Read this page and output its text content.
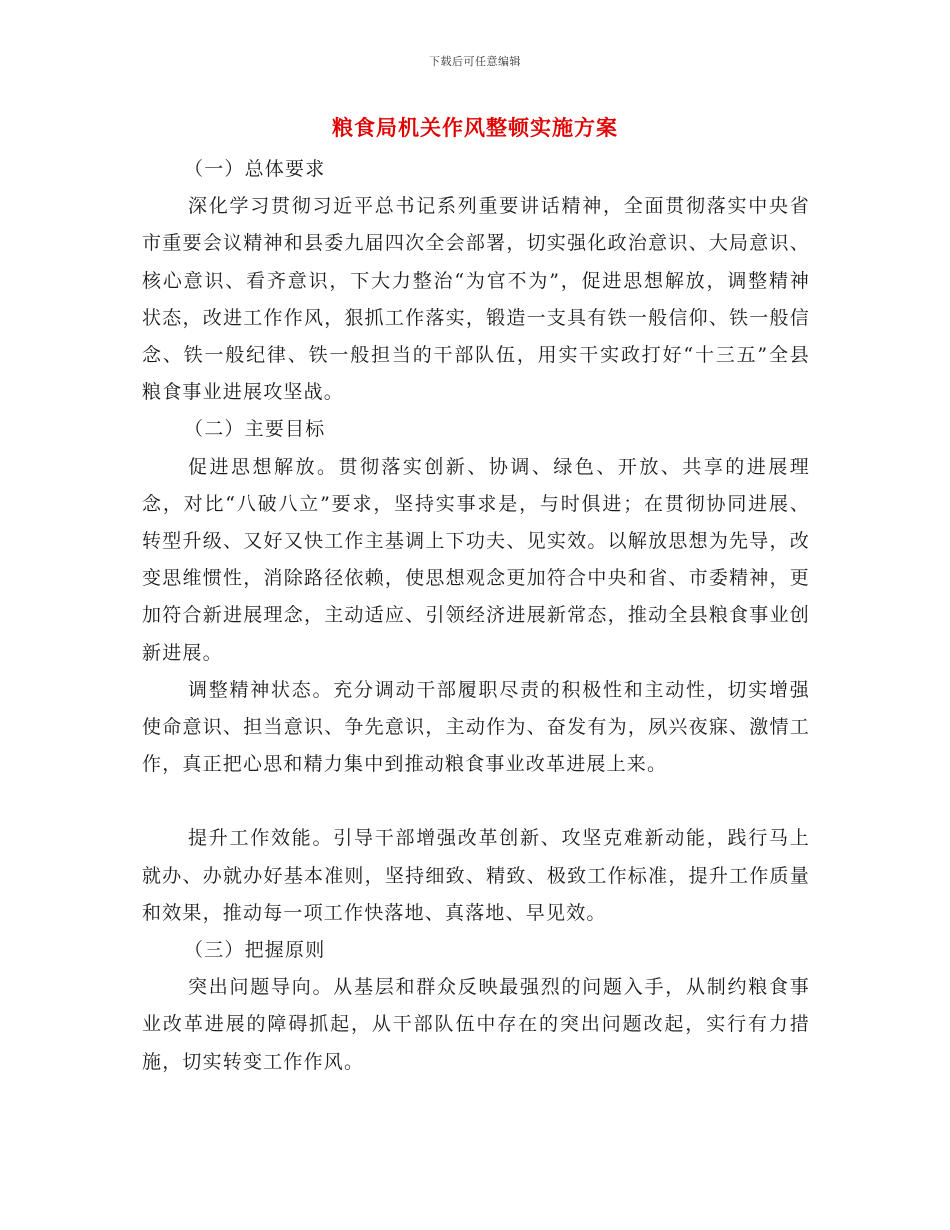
下载后可任意编辑
粮食局机关作风整顿实施方案

（一）总体要求

深化学习贯彻习近平总书记系列重要讲话精神，全面贯彻落实中央省市重要会议精神和县委九届四次全会部署，切实强化政治意识、大局意识、核心意识、看齐意识，下大力整治“为官不为”，促进思想解放，调整精神状态，改进工作作风，狠抓工作落实，锻造一支具有铁一般信仰、铁一般信念、铁一般纪律、铁一般担当的干部队伍，用实干实政打好“十三五”全县粮食事业进展攻坚战。

（二）主要目标

促进思想解放。贯彻落实创新、协调、绿色、开放、共享的进展理念，对比“八破八立”要求，坚持实事求是，与时俱进；在贯彻协同进展、转型升级、又好又快工作主基调上下功夫、见实效。以解放思想为先导，改变思维惯性，消除路径依赖，使思想观念更加符合中央和省、市委精神，更加符合新进展理念，主动适应、引领经济进展新常态，推动全县粮食事业创新进展。

调整精神状态。充分调动干部履职尽责的积极性和主动性，切实增强使命意识、担当意识、争先意识，主动作为、奋发有为，夙兴夜寐、激情工作，真正把心思和精力集中到推动粮食事业改革进展上来。

提升工作效能。引导干部增强改革创新、攻坚克难新动能，践行马上就办、办就办好基本准则，坚持细致、精致、极致工作标准，提升工作质量和效果，推动每一项工作快落地、真落地、早见效。

（三）把握原则

突出问题导向。从基层和群众反映最强烈的问题入手，从制约粮食事业改革进展的障碍抓起，从干部队伍中存在的突出问题改起，实行有力措施，切实转变工作作风。
